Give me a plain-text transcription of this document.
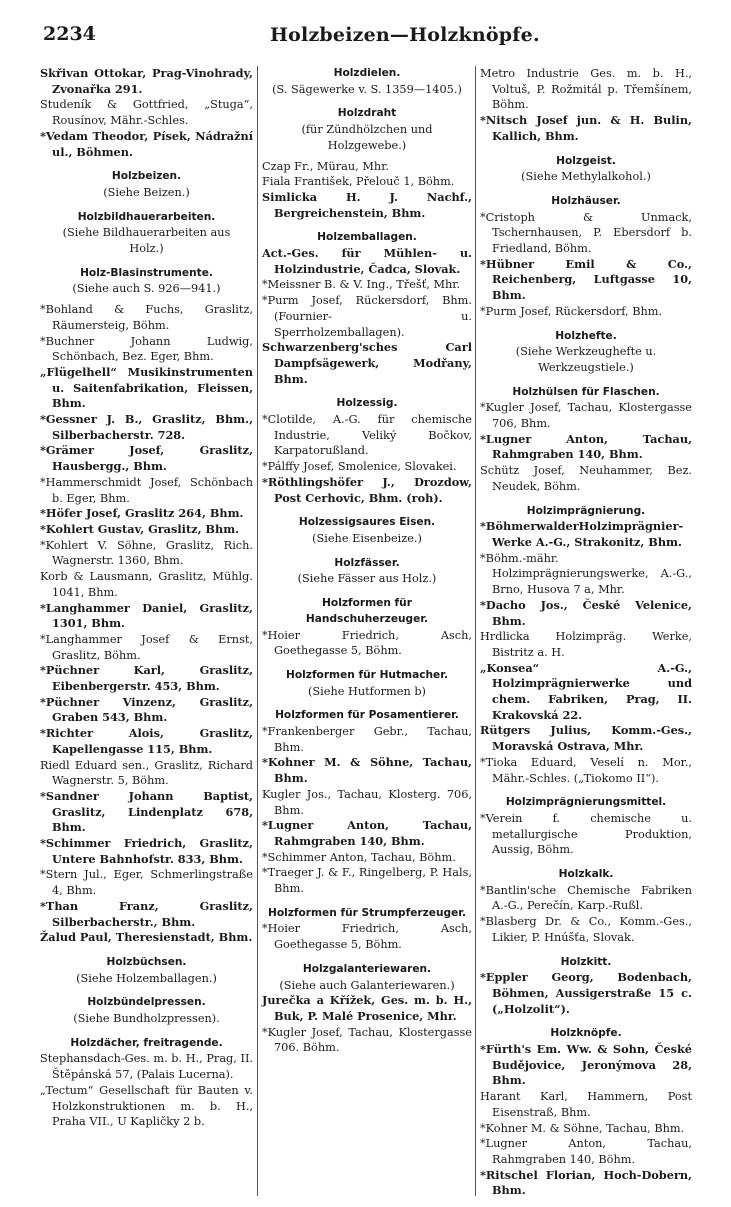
2234	Holzbeizen—Holzknöpfe.

Skřivan Ottokar, Prag-Vinohrady, Zvonařka 291.

Studeník & Gottfried, „Stuga“, Rousínov, Mähr.-Schles.

*Vedam Theodor, Písek, Nádražní ul., Böhmen.

Holzbeizen.

(Siehe Beizen.)

Holzbildhauerarbeiten.

(Siehe Bildhauerarbeiten aus Holz.)

Holz-Blasinstrumente.

(Siehe auch S. 926—941.)

*Bohland & Fuchs, Graslitz, Räumersteig, Böhm.

*Buchner Johann Ludwig, Schönbach, Bez. Eger, Bhm.

„Flügelhell“ Musikinstrumenten u. Saitenfabrikation, Fleissen, Bhm.

*Gessner J. B., Graslitz, Bhm., Silberbacherstr. 728.

*Grämer Josef, Graslitz, Hausbergg., Bhm.

*Hammerschmidt Josef, Schönbach b. Eger, Bhm.

*Höfer Josef, Graslitz 264, Bhm.

*Kohlert Gustav, Graslitz, Bhm.

*Kohlert V. Söhne, Graslitz, Rich. Wagnerstr. 1360, Bhm.

Korb & Lausmann, Graslitz, Mühlg. 1041, Bhm.

*Langhammer Daniel, Graslitz, 1301, Bhm.

*Langhammer Josef & Ernst, Graslitz, Böhm.

*Püchner Karl, Graslitz, Eibenbergerstr. 453, Bhm.

*Püchner Vinzenz, Graslitz, Graben 543, Bhm.

*Richter Alois, Graslitz, Kapellengasse 115, Bhm.

Riedl Eduard sen., Graslitz, Richard Wagnerstr. 5, Böhm.

*Sandner Johann Baptist, Graslitz, Lindenplatz 678, Bhm.

*Schimmer Friedrich, Graslitz, Untere Bahnhofstr. 833, Bhm.

*Stern Jul., Eger, Schmerlingstraße 4, Bhm.

*Than Franz, Graslitz, Silberbacherstr., Bhm.

Žalud Paul, Theresienstadt, Bhm.

Holzbüchsen.

(Siehe Holzemballagen.)

Holzbündelpressen.

(Siehe Bundholzpressen).

Holzdächer, freitragende.

Stephansdach-Ges. m. b. H., Prag, II. Štěpánská 57, (Palais Lucerna).

„Tectum“ Gesellschaft für Bauten v. Holzkonstruktionen m. b. H., Praha VII., U Kapličky 2 b.

Holzdielen.

(S. Sägewerke v. S. 1359—1405.)

Holzdraht

(für Zündhölzchen und Holzgewebe.)

Czap Fr., Mürau, Mhr.

Fiala František, Přelouč 1, Böhm.

Simlicka H. J. Nachf., Bergreichenstein, Bhm.

Holzemballagen.

Act.-Ges. für Mühlen- u. Holzindustrie, Čadca, Slovak.

*Meissner B. & V. Ing., Třešť, Mhr.

*Purm Josef, Rückersdorf, Bhm. (Fournier- u. Sperrholzemballagen).

Schwarzenberg'sches Carl Dampfsägewerk, Modřany, Bhm.

Holzessig.

*Clotilde, A.-G. für chemische Industrie, Veliký Bočkov, Karpatorußland.

*Pálffy Josef, Smolenice, Slovakei.

*Röthlingshöfer J., Drozdow, Post Cerhovic, Bhm. (roh).

Holzessigsaures Eisen.

(Siehe Eisenbeize.)

Holzfässer.

(Siehe Fässer aus Holz.)

Holzformen für Handschuherzeuger.

*Hoier Friedrich, Asch, Goethegasse 5, Böhm.

Holzformen für Hutmacher.

(Siehe Hutformen b)

Holzformen für Posamentierer.

*Frankenberger Gebr., Tachau, Bhm.

*Kohner M. & Söhne, Tachau, Bhm.

Kugler Jos., Tachau, Klosterg. 706, Bhm.

*Lugner Anton, Tachau, Rahmgraben 140, Bhm.

*Schimmer Anton, Tachau, Böhm.

*Traeger J. & F., Ringelberg, P. Hals, Bhm.

Holzformen für Strumpferzeuger.

*Hoier Friedrich, Asch, Goethegasse 5, Böhm.

Holzgalanteriewaren.

(Siehe auch Galanteriewaren.)

Jurečka a Křížek, Ges. m. b. H., Buk, P. Malé Prosenice, Mhr.

*Kugler Josef, Tachau, Klostergasse 706. Böhm.

Metro Industrie Ges. m. b. H., Voltuš, P. Rožmitál p. Třemšínem, Böhm.

*Nitsch Josef jun. & H. Bulin, Kallich, Bhm.

Holzgeist.

(Siehe Methylalkohol.)

Holzhäuser.

*Cristoph & Unmack, Tschernhausen, P. Ebersdorf b. Friedland, Böhm.

*Hübner Emil & Co., Reichenberg, Luftgasse 10, Bhm.

*Purm Josef, Rückersdorf, Bhm.

Holzhefte.

(Siehe Werkzeughefte u. Werkzeugstiele.)

Holzhülsen für Flaschen.

*Kugler Josef, Tachau, Klostergasse 706, Bhm.

*Lugner Anton, Tachau, Rahmgraben 140, Bhm.

Schütz Josef, Neuhammer, Bez. Neudek, Böhm.

Holzimprägnierung.

*BöhmerwalderHolzimprägnier-Werke A.-G., Strakonitz, Bhm.

*Böhm.-mähr. Holzimprägnierungswerke, A.-G., Brno, Husova 7 a, Mhr.

*Dacho Jos., České Velenice, Bhm.

Hrdlicka Holzimpräg. Werke, Bistritz a. H.

„Konsea“ A.-G., Holzimprägnierwerke und chem. Fabriken, Prag, II. Krakovská 22.

Rütgers Julius, Komm.-Ges., Moravská Ostrava, Mhr.

*Tioka Eduard, Veselí n. Mor., Mähr.-Schles. („Tiokomo II“).

Holzimprägnierungsmittel.

*Verein f. chemische u. metallurgische Produktion, Aussig, Böhm.

Holzkalk.

*Bantlin'sche Chemische Fabriken A.-G., Perečín, Karp.-Rußl.

*Blasberg Dr. & Co., Komm.-Ges., Likier, P. Hnúšťa, Slovak.

Holzkitt.

*Eppler Georg, Bodenbach, Böhmen, Aussigerstraße 15 c. („Holzolit“).

Holzknöpfe.

*Fürth's Em. Ww. & Sohn, České Budějovice, Jeronýmova 28, Bhm.

Harant Karl, Hammern, Post Eisenstraß, Bhm.

*Kohner M. & Söhne, Tachau, Bhm.

*Lugner Anton, Tachau, Rahmgraben 140, Böhm.

*Ritschel Florian, Hoch-Dobern, Bhm.
